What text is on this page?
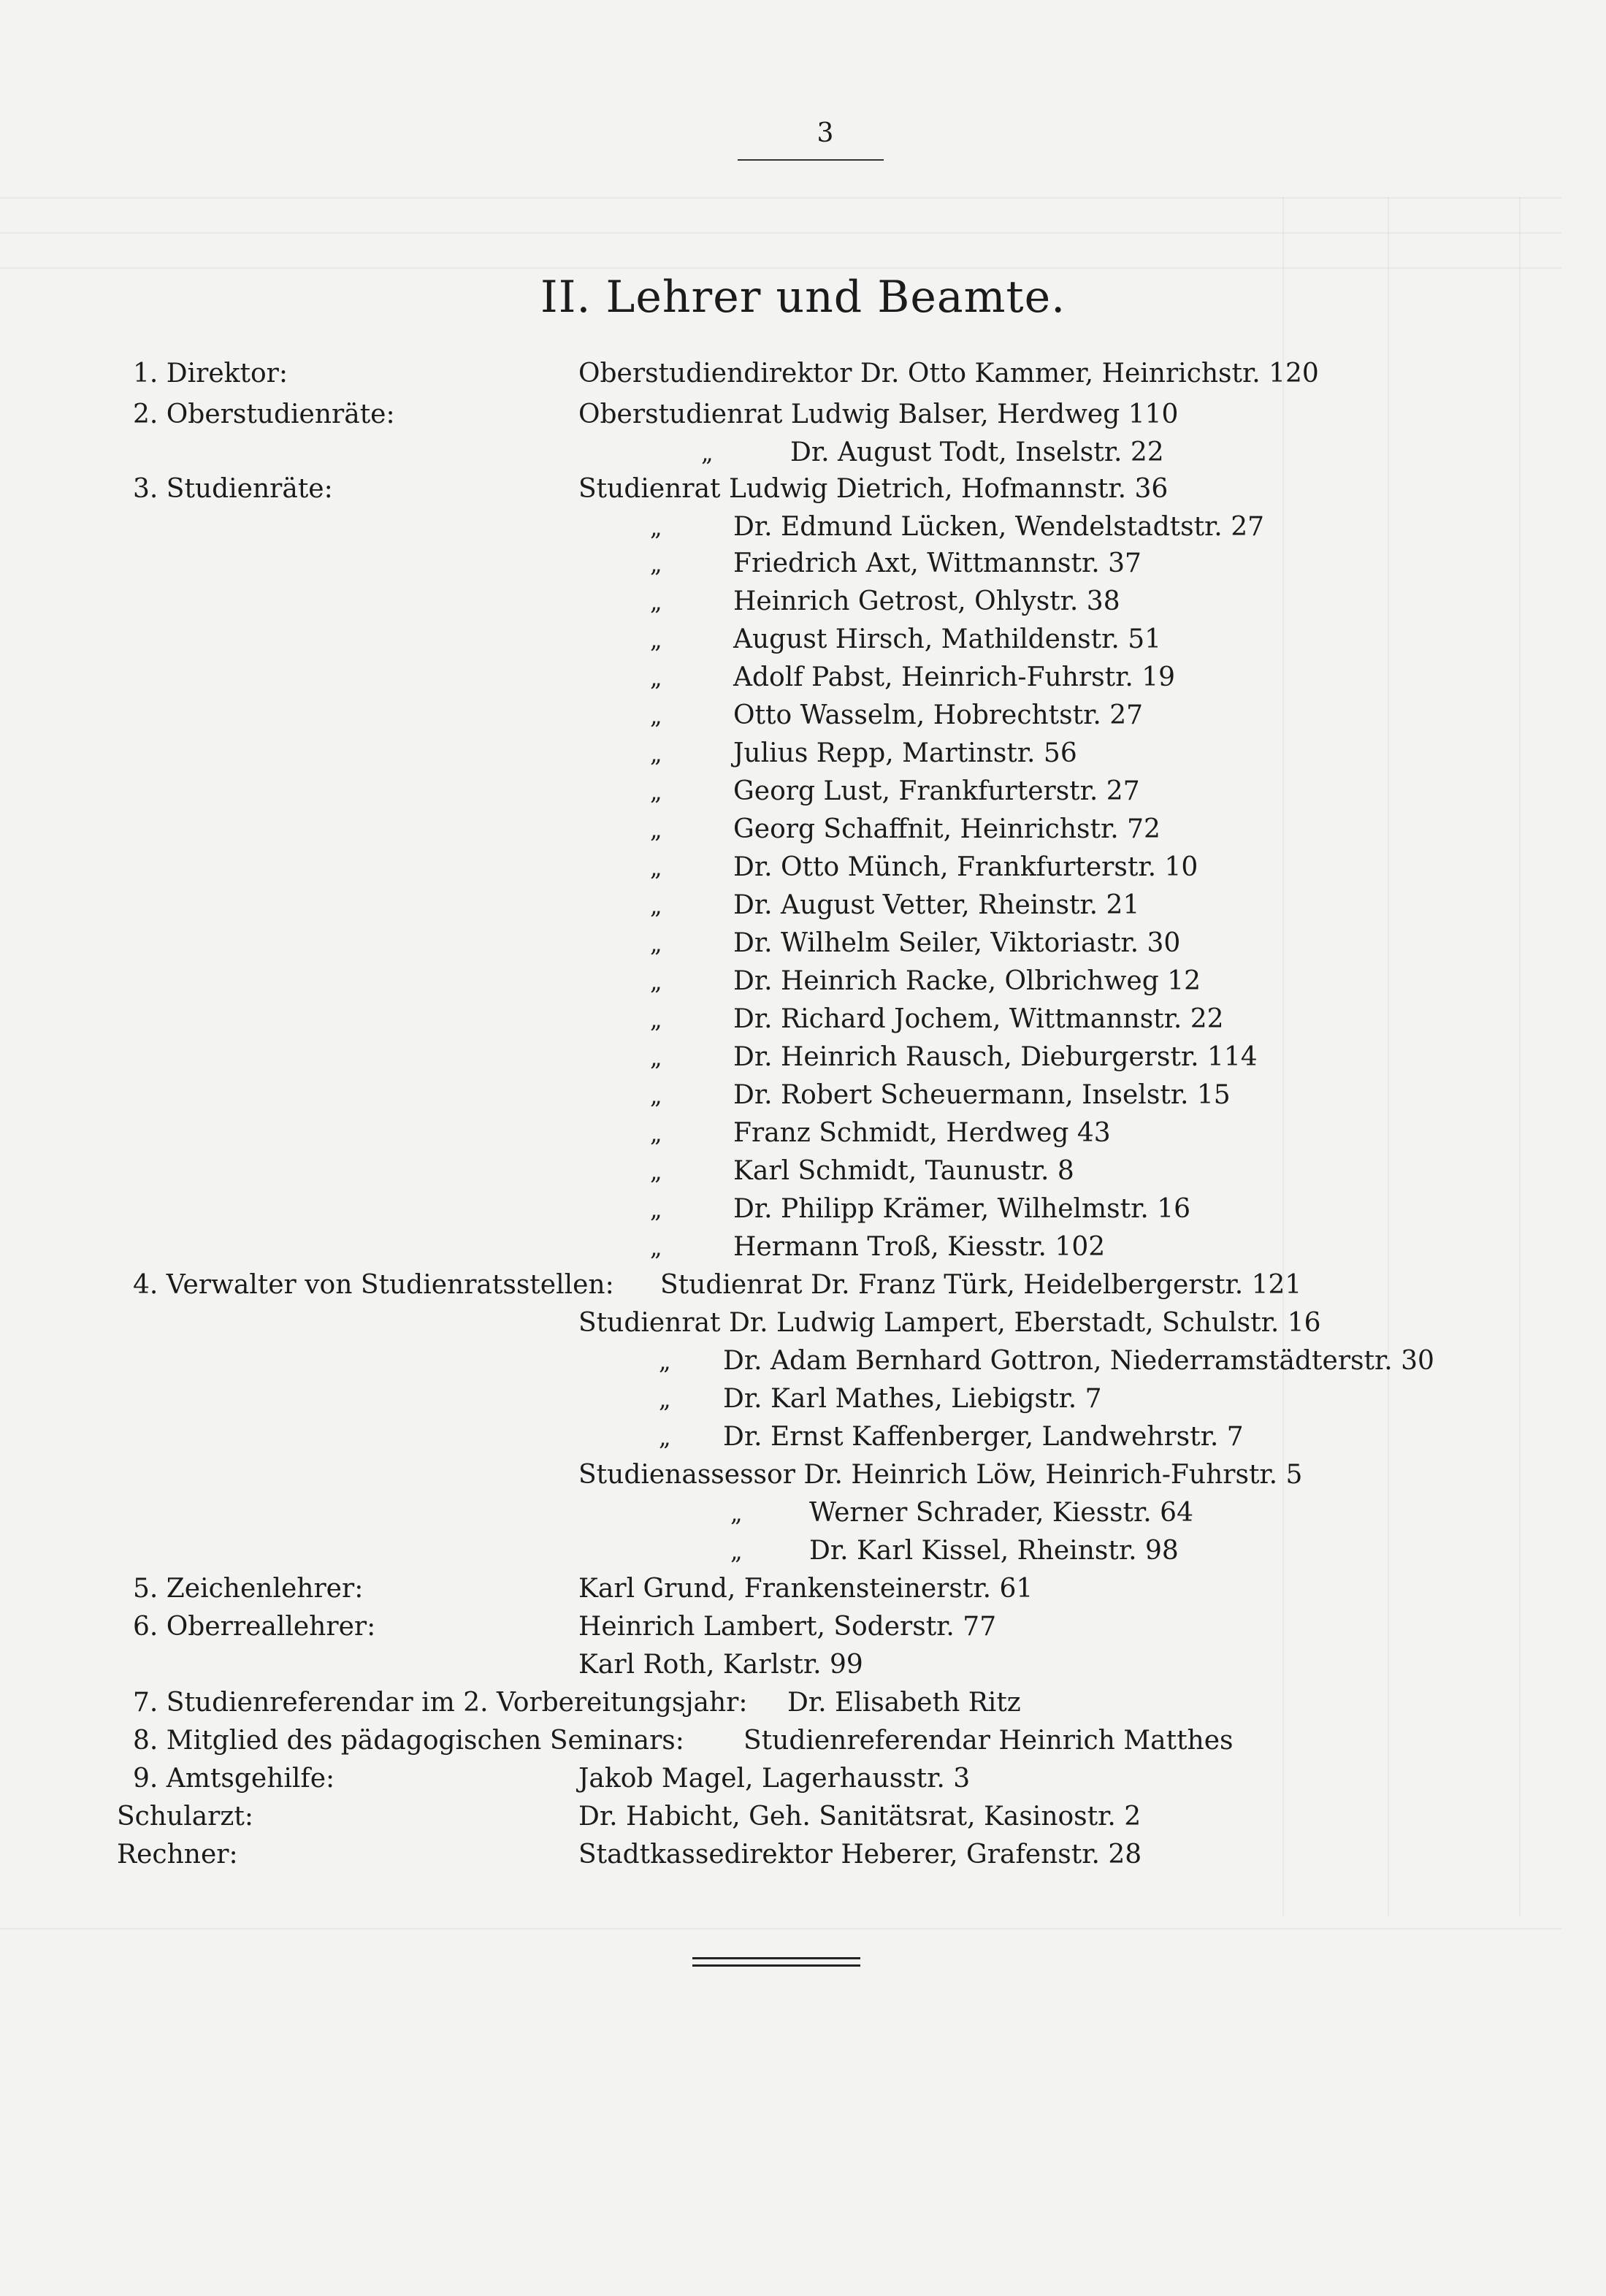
3
II. Lehrer und Beamte.
1. Direktor:	Oberstudiendirektor Dr. Otto Kammer, Heinrichstr. 120
2. Oberstudienräte:	Oberstudienrat Ludwig Balser, Herdweg 110
„	Dr. August Todt, Inselstr. 22
3. Studienräte:	Studienrat Ludwig Dietrich, Hofmannstr. 36
„	Dr. Edmund Lücken, Wendelstadtstr. 27
„	Friedrich Axt, Wittmannstr. 37
„	Heinrich Getrost, Ohlystr. 38
„	August Hirsch, Mathildenstr. 51
„	Adolf Pabst, Heinrich-Fuhrstr. 19
„	Otto Wasselm, Hobrechtstr. 27
„	Julius Repp, Martinstr. 56
„	Georg Lust, Frankfurterstr. 27
„	Georg Schaffnit, Heinrichstr. 72
„	Dr. Otto Münch, Frankfurterstr. 10
„	Dr. August Vetter, Rheinstr. 21
„	Dr. Wilhelm Seiler, Viktoriastr. 30
„	Dr. Heinrich Racke, Olbrichweg 12
„	Dr. Richard Jochem, Wittmannstr. 22
„	Dr. Heinrich Rausch, Dieburgerstr. 114
„	Dr. Robert Scheuermann, Inselstr. 15
„	Franz Schmidt, Herdweg 43
„	Karl Schmidt, Taunustr. 8
„	Dr. Philipp Krämer, Wilhelmstr. 16
„	Hermann Troß, Kiesstr. 102
4. Verwalter von Studienratsstellen: Studienrat Dr. Franz Türk, Heidelbergerstr. 121
Studienrat Dr. Ludwig Lampert, Eberstadt, Schulstr. 16
„ Dr. Adam Bernhard Gottron, Niederramstädterstr. 30
„ Dr. Karl Mathes, Liebigstr. 7
„ Dr. Ernst Kaffenberger, Landwehrstr. 7
Studienassessor Dr. Heinrich Löw, Heinrich-Fuhrstr. 5
„	Werner Schrader, Kiesstr. 64
„	Dr. Karl Kissel, Rheinstr. 98
5. Zeichenlehrer:	Karl Grund, Frankensteinerstr. 61
6. Oberreallehrer:	Heinrich Lambert, Soderstr. 77
Karl Roth, Karlstr. 99
7. Studienreferendar im 2. Vorbereitungsjahr: Dr. Elisabeth Ritz
8. Mitglied des pädagogischen Seminars: Studienreferendar Heinrich Matthes
9. Amtsgehilfe:	Jakob Magel, Lagerhausstr. 3
Schularzt:	Dr. Habicht, Geh. Sanitätsrat, Kasinostr. 2
Rechner:	Stadtkassedirektor Heberer, Grafenstr. 28
